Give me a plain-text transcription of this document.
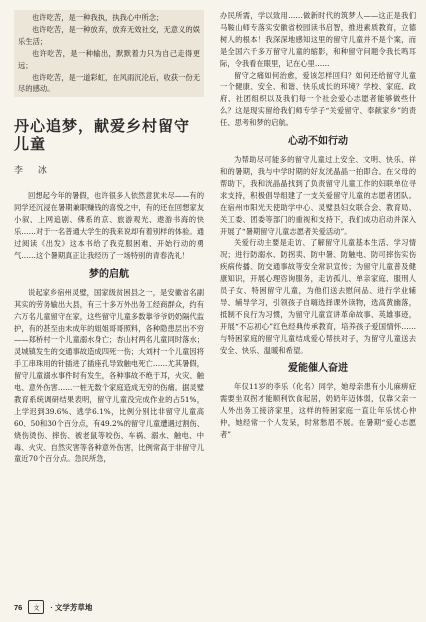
也许吃苦，是一种我执，执我心中所念；

也许吃苦，是一种放弃，放弃无效社交，无意义的娱乐生活；

也许吃苦，是一种输出，默默着力只为自己走得更远；

也许吃苦，是一道彩虹，在风雨沉沦后，收获一份无尽的感动。

丹心追梦，献爱乡村留守儿童
李 冰

回想起今年的暑假，也许很多人依然意犹未尽——有的同学还沉浸在暑期兼职赚钱的喜悦之中，有的还在回想家友小叙、上网追剧、佛系的京、旅游观光、遨游书海的快乐……对于一名普通大学生的我来说却有着别样的体验。通过阅读《出发》这本书给了我克服困难、开始行动的勇气……这个暑期真正让我经历了一场特别的青春洗礼！

梦的启航

说起家乡宿州灵璧，国家级贫困县之一，是安徽省名副其实的劳务输出大县，有三十多万外出务工经商群众，约有六万名儿童留守在家，这些留守儿童多数靠爷爷奶奶隔代监护，有的甚至由未成年的姐姐哥哥照料，各种隐患层出不穷——郑桥村一个儿童溺水身亡；杏山村两名儿童同时落水；灵城镇发生的交通事故造成四死一伤；大刘村一个儿童因将手工串珠用的针插进了插座孔导致触电死亡……尤其暑假，留守儿童溺水事件时有发生，各种事故不绝于耳，火灾、触电、意外伤害……一桩无数个家庭造成无穷的伤痛。据灵璧教育系统调研结果表明，留守儿童没完成作业的占51%，上学迟到39.6%、逃学6.1%，比例分别比非留守儿童高60、50和30个百分点，有49.2%的留守儿童遭遇过割伤、烧伤烫伤、摔伤、被老鼠等咬伤、车祸、溺水、触电、中毒、火灾、自然灾害等各种意外伤害，比例常高于非留守儿童近70个百分点。急民所急，

办民所需，学以致用……做新时代的筑梦人——这正是我们马鞍山师专落实安徽省校园读书启智，推进素质教育，立德树人的根本！我深深地感知这里的留守儿童并不是个案，而是全国六千多万留守儿童的缩影，和种留守问题令我长鸣耳际，令我看在眼里，记在心里……

留守之痛如何治愈，爱该怎样回归？如何还给留守儿童一个健康、安全、和谐、快乐成长的环境？学校、家庭、政府、社团组织以及我们每一个社会爱心志愿者能够做些什么？这是现实留给我们师专学子“关爱留守、奉献家乡”的责任、思考和梦的启航。

心动不如行动

为帮助尽可能多的留守儿童过上安全、文明、快乐、祥和的暑期，我与中学时期的好友洸晶晶一拍即合。在父母的帮助下，我和洸晶晶找到了负责留守儿童工作的妇联单位寻求支持，积极倡导组建了一支关爱留守儿童的志愿者团队。在宿州市阳光天使助学中心、灵璧县妇女联合会、教育局、关工委、团委等部门的重视和支持下，我们成功启动并深入开展了“暑期留守儿童志愿者关爱活动”。

关爱行动主要是走访、了解留守儿童基本生活、学习情况；进行防溺水、防拐卖、防中暑、防触电、防可摔伤实伤疾病传播、防交通事故等安全常识宣传；为留守儿童普及健康知识，开展心理咨询服务，走访孤儿、单亲家庭、服刑人员子女、特困留守儿童，为他们送去慰问品、进行学业辅导、辅导学习，引领孩子自嗨选择课外读物，选高黄幽落，抵制不良行为习惯，为留守儿童宣讲革命故事、英雄事迹，开展“不忘初心”红色经典传承教育，培养孩子爱国情怀……与特困家庭的留守儿童结成爱心帮扶对子，为留守儿童送去安全、快乐、温暖和希望。

爱能催人奋进

年仅11岁的李乐（化名）同学，她母亲患有小儿麻痹症需要坐双拐才能顺利饮食起居，奶奶年迈体弱，仅靠父亲一人外出务工接济家里，这样的特困家庭一直让年乐忧心仲仲，她经常一个人发呆，时常愁眉不展。在暑期“爱心志愿者”

76	文	· 文学芳草地
